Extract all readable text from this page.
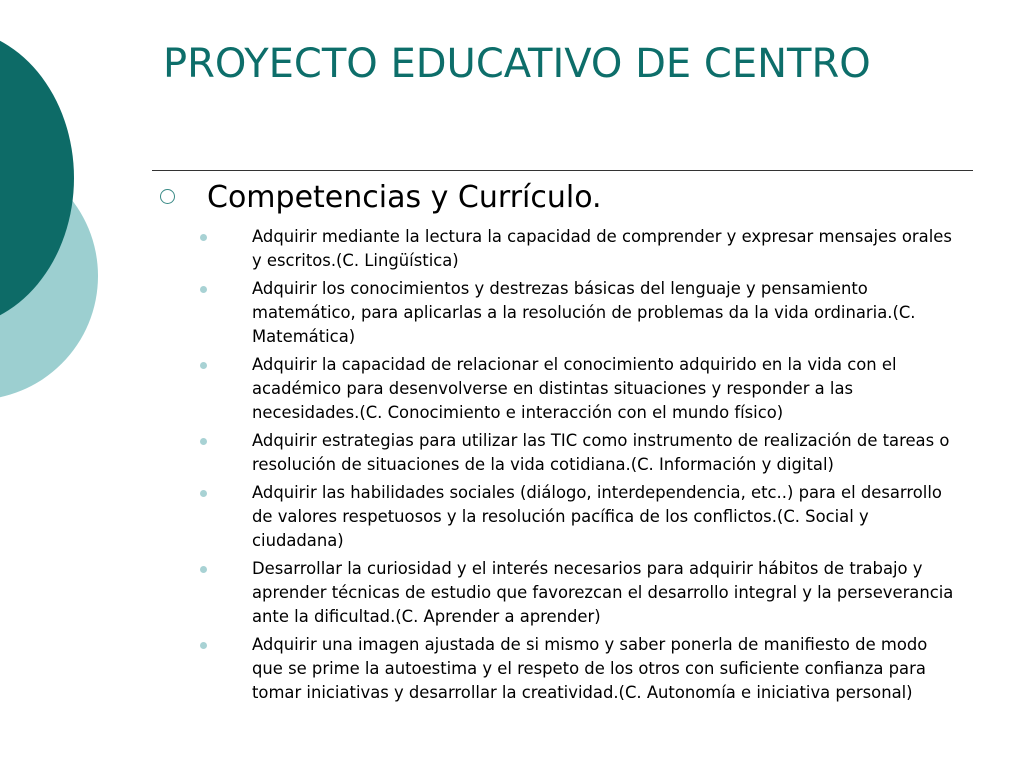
PROYECTO EDUCATIVO DE CENTRO
Competencias y Currículo.
Adquirir mediante la lectura la capacidad de comprender y expresar mensajes orales y escritos.(C. Lingüística)
Adquirir los conocimientos y destrezas básicas del lenguaje y pensamiento matemático, para aplicarlas a la resolución de problemas da la vida ordinaria.(C. Matemática)
Adquirir la capacidad de relacionar el conocimiento adquirido en la vida con el académico para desenvolverse en distintas situaciones y responder a las necesidades.(C. Conocimiento e interacción con el mundo físico)
Adquirir estrategias para utilizar las TIC como instrumento de realización de tareas o resolución de situaciones de la vida cotidiana.(C. Información y digital)
Adquirir las habilidades sociales (diálogo, interdependencia, etc..) para el desarrollo de valores respetuosos y la resolución pacífica de los conflictos.(C. Social y ciudadana)
Desarrollar la curiosidad y el interés necesarios para adquirir hábitos de trabajo y aprender técnicas de estudio que favorezcan el desarrollo integral y la perseverancia ante la dificultad.(C. Aprender a aprender)
Adquirir una imagen ajustada de si mismo y saber ponerla de manifiesto de modo que se prime la autoestima y el respeto de los otros con suficiente confianza para tomar iniciativas y desarrollar la creatividad.(C. Autonomía e iniciativa personal)
